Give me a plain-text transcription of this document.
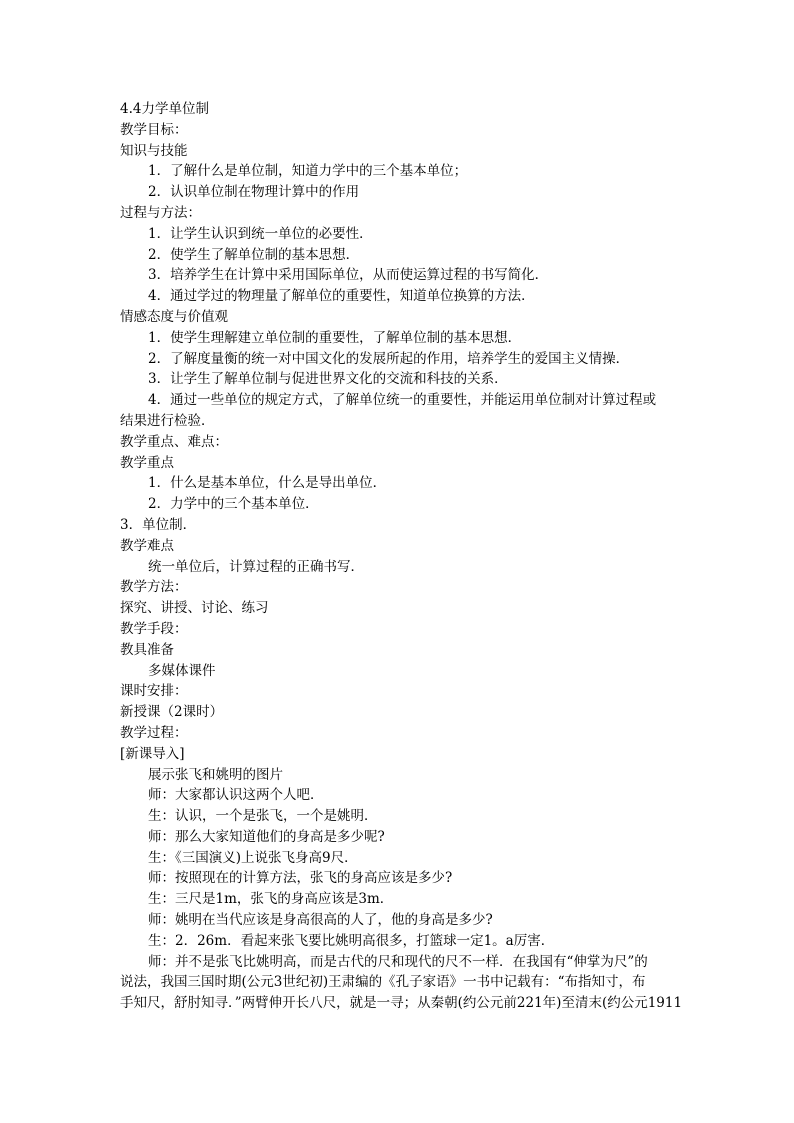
4.4力学单位制
教学目标：
知识与技能
1．了解什么是单位制，知道力学中的三个基本单位；
2．认识单位制在物理计算中的作用
过程与方法：
1．让学生认识到统一单位的必要性．
2．使学生了解单位制的基本思想．
3．培养学生在计算中采用国际单位，从而使运算过程的书写简化．
4．通过学过的物理量了解单位的重要性，知道单位换算的方法．
情感态度与价值观
1．使学生理解建立单位制的重要性，了解单位制的基本思想．
2．了解度量衡的统一对中国文化的发展所起的作用，培养学生的爱国主义情操．
3．让学生了解单位制与促进世界文化的交流和科技的关系．
4．通过一些单位的规定方式，了解单位统一的重要性，并能运用单位制对计算过程或
结果进行检验．
教学重点、难点：
教学重点
1．什么是基本单位，什么是导出单位．
2．力学中的三个基本单位．
3．单位制．
教学难点
统一单位后，计算过程的正确书写．
教学方法：
探究、讲授、讨论、练习
教学手段：
教具准备
多媒体课件
课时安排：
新授课（2课时）
教学过程：
[新课导入]
展示张飞和姚明的图片
师：大家都认识这两个人吧．
生：认识，一个是张飞，一个是姚明．
师：那么大家知道他们的身高是多少呢?
生：《三国演义)上说张飞身高9尺．
师：按照现在的计算方法，张飞的身高应该是多少?
生：三尺是1m，张飞的身高应该是3m．
师：姚明在当代应该是身高很高的人了，他的身高是多少?
生：2．26m．看起来张飞要比姚明高很多，打篮球一定1。a厉害．
师：并不是张飞比姚明高，而是古代的尺和现代的尺不一样．在我国有“伸掌为尺”的
说法，我国三国时期(公元3世纪初)王肃编的《孔子家语》一书中记载有：“布指知寸，布
手知尺，舒肘知寻．”两臂伸开长八尺，就是一寻；从秦朝(约公元前221年)至清末(约公元1911
